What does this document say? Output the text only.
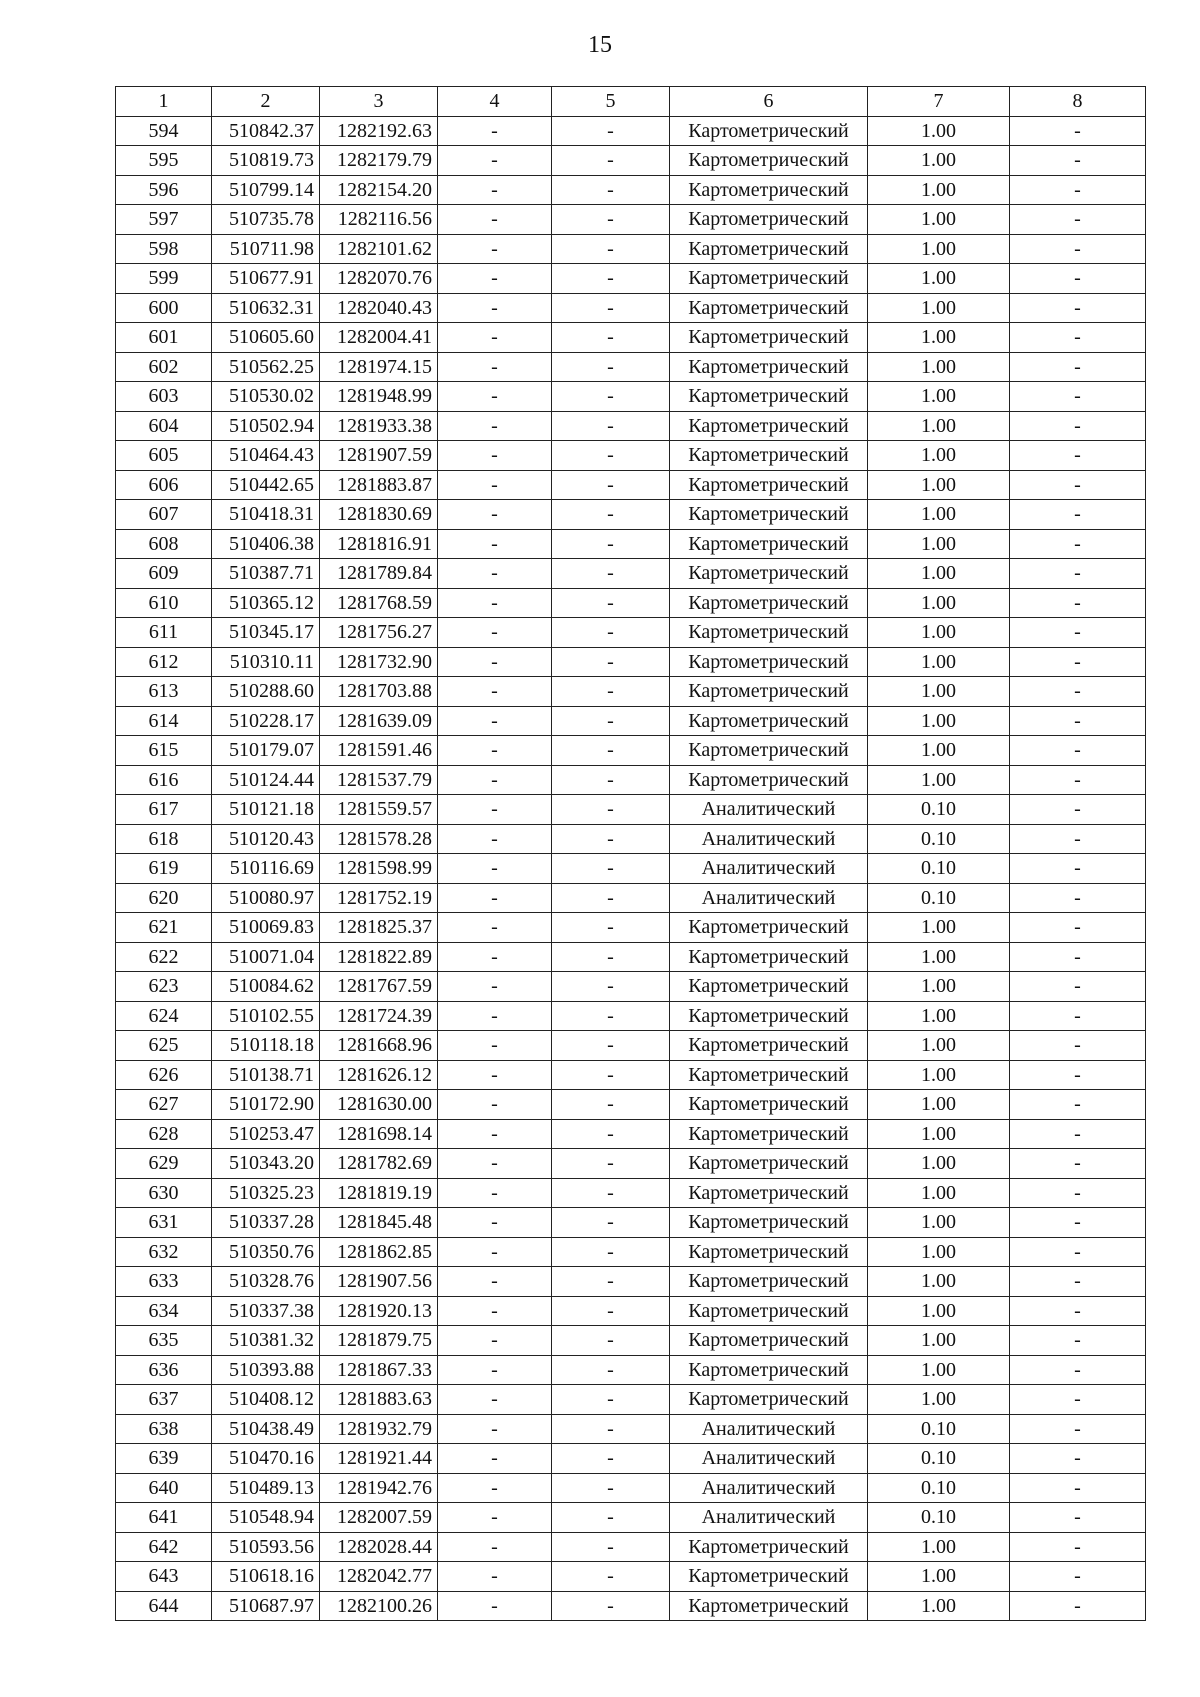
15
1	2	3	4	5	6	7	8
594	510842.37	1282192.63	-	-	Картометрический	1.00	-
595	510819.73	1282179.79	-	-	Картометрический	1.00	-
596	510799.14	1282154.20	-	-	Картометрический	1.00	-
597	510735.78	1282116.56	-	-	Картометрический	1.00	-
598	510711.98	1282101.62	-	-	Картометрический	1.00	-
599	510677.91	1282070.76	-	-	Картометрический	1.00	-
600	510632.31	1282040.43	-	-	Картометрический	1.00	-
601	510605.60	1282004.41	-	-	Картометрический	1.00	-
602	510562.25	1281974.15	-	-	Картометрический	1.00	-
603	510530.02	1281948.99	-	-	Картометрический	1.00	-
604	510502.94	1281933.38	-	-	Картометрический	1.00	-
605	510464.43	1281907.59	-	-	Картометрический	1.00	-
606	510442.65	1281883.87	-	-	Картометрический	1.00	-
607	510418.31	1281830.69	-	-	Картометрический	1.00	-
608	510406.38	1281816.91	-	-	Картометрический	1.00	-
609	510387.71	1281789.84	-	-	Картометрический	1.00	-
610	510365.12	1281768.59	-	-	Картометрический	1.00	-
611	510345.17	1281756.27	-	-	Картометрический	1.00	-
612	510310.11	1281732.90	-	-	Картометрический	1.00	-
613	510288.60	1281703.88	-	-	Картометрический	1.00	-
614	510228.17	1281639.09	-	-	Картометрический	1.00	-
615	510179.07	1281591.46	-	-	Картометрический	1.00	-
616	510124.44	1281537.79	-	-	Картометрический	1.00	-
617	510121.18	1281559.57	-	-	Аналитический	0.10	-
618	510120.43	1281578.28	-	-	Аналитический	0.10	-
619	510116.69	1281598.99	-	-	Аналитический	0.10	-
620	510080.97	1281752.19	-	-	Аналитический	0.10	-
621	510069.83	1281825.37	-	-	Картометрический	1.00	-
622	510071.04	1281822.89	-	-	Картометрический	1.00	-
623	510084.62	1281767.59	-	-	Картометрический	1.00	-
624	510102.55	1281724.39	-	-	Картометрический	1.00	-
625	510118.18	1281668.96	-	-	Картометрический	1.00	-
626	510138.71	1281626.12	-	-	Картометрический	1.00	-
627	510172.90	1281630.00	-	-	Картометрический	1.00	-
628	510253.47	1281698.14	-	-	Картометрический	1.00	-
629	510343.20	1281782.69	-	-	Картометрический	1.00	-
630	510325.23	1281819.19	-	-	Картометрический	1.00	-
631	510337.28	1281845.48	-	-	Картометрический	1.00	-
632	510350.76	1281862.85	-	-	Картометрический	1.00	-
633	510328.76	1281907.56	-	-	Картометрический	1.00	-
634	510337.38	1281920.13	-	-	Картометрический	1.00	-
635	510381.32	1281879.75	-	-	Картометрический	1.00	-
636	510393.88	1281867.33	-	-	Картометрический	1.00	-
637	510408.12	1281883.63	-	-	Картометрический	1.00	-
638	510438.49	1281932.79	-	-	Аналитический	0.10	-
639	510470.16	1281921.44	-	-	Аналитический	0.10	-
640	510489.13	1281942.76	-	-	Аналитический	0.10	-
641	510548.94	1282007.59	-	-	Аналитический	0.10	-
642	510593.56	1282028.44	-	-	Картометрический	1.00	-
643	510618.16	1282042.77	-	-	Картометрический	1.00	-
644	510687.97	1282100.26	-	-	Картометрический	1.00	-
